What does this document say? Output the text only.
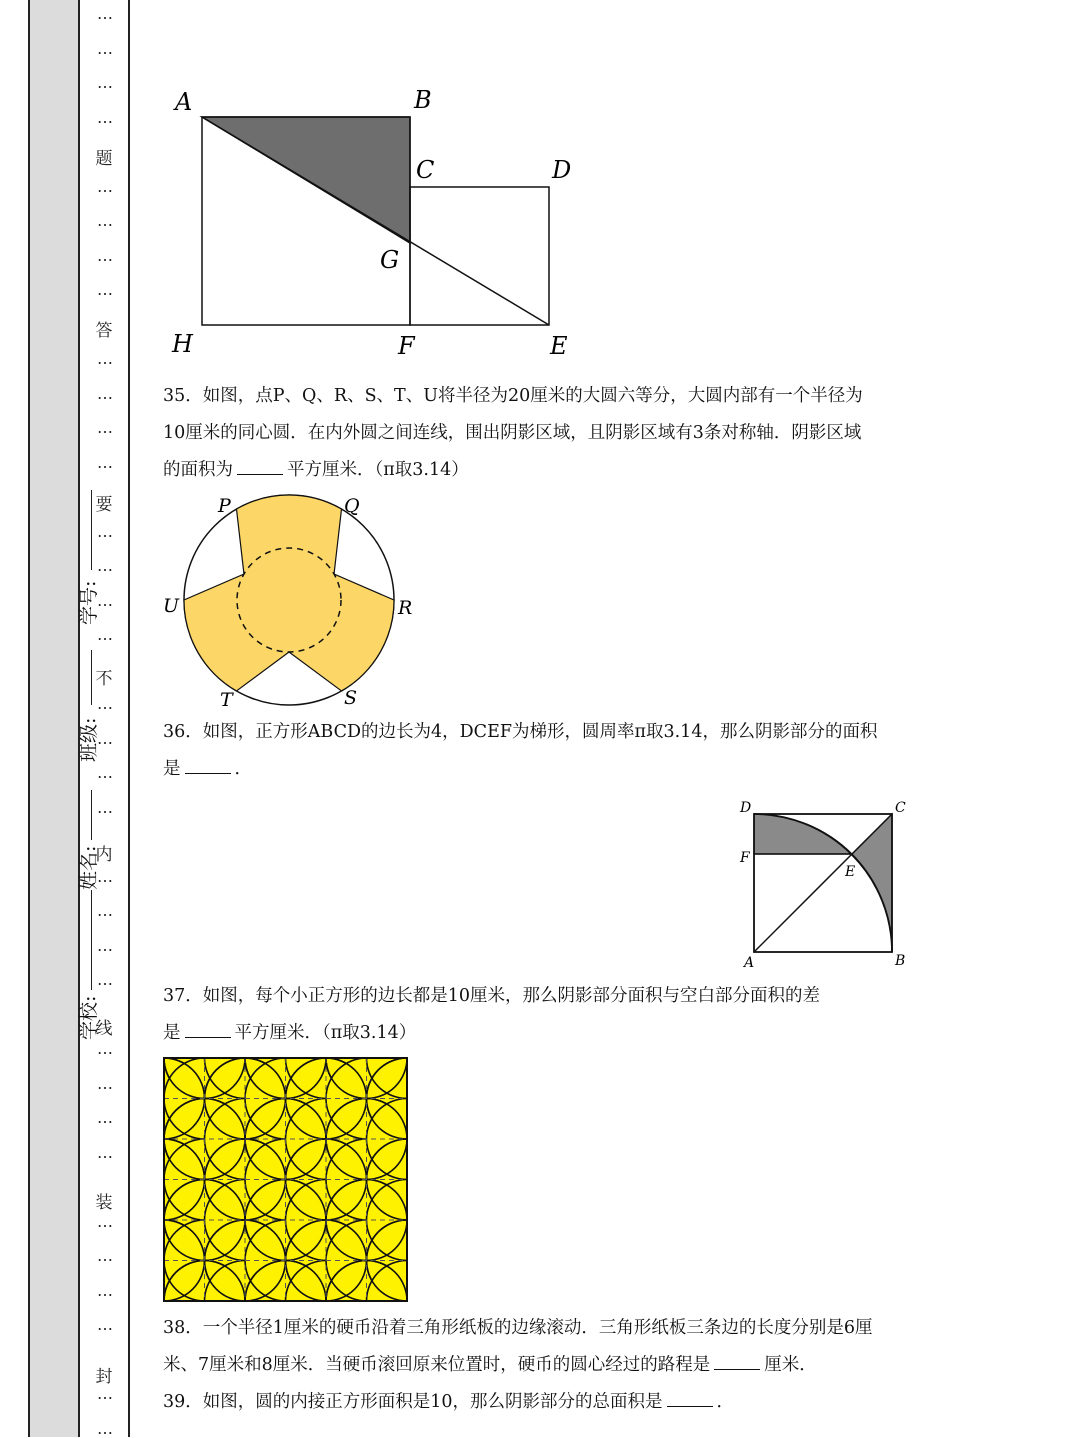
学校:
姓名:
班级:
学号:
题
答
要
不
内
线
装
封
…
…
…
…
…
…
…
…
…
…
…
…
…
…
…
…
…
…
…
…
…
…
…
…
…
…
…
…
…
…
…
…
…
…
A	B
C	D
G
H	F	E
35．如图，点P、Q、R、S、T、U将半径为20厘米的大圆六等分，大圆内部有一个半径为
10厘米的同心圆．在内外圆之间连线，围出阴影区域，且阴影区域有3条对称轴．阴影区域
的面积为	平方厘米．（π取3.14）
P	Q
R
S
T
U
36．如图，正方形ABCD的边长为4，DCEF为梯形，圆周率π取3.14，那么阴影部分的面积
是	．
D	C
F
E
A	B
37．如图，每个小正方形的边长都是10厘米，那么阴影部分面积与空白部分面积的差
是	平方厘米．（π取3.14）
38．一个半径1厘米的硬币沿着三角形纸板的边缘滚动．三角形纸板三条边的长度分别是6厘
米、7厘米和8厘米．当硬币滚回原来位置时，硬币的圆心经过的路程是	厘米．
39．如图，圆的内接正方形面积是10，那么阴影部分的总面积是	．
